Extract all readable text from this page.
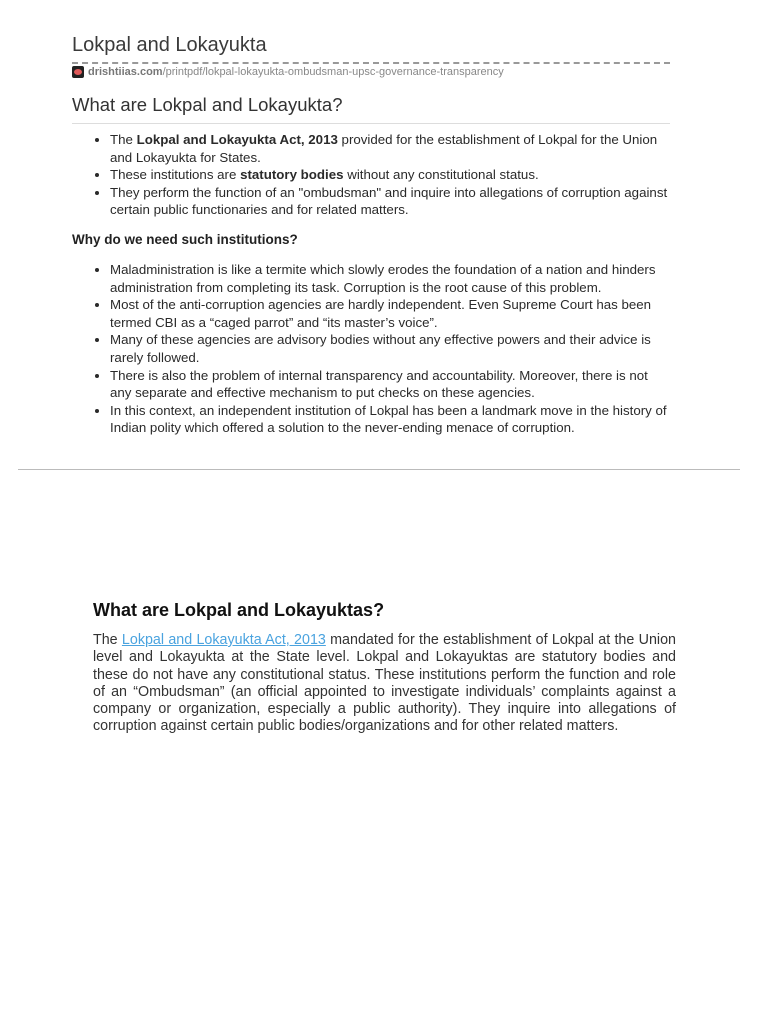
Lokpal and Lokayukta
drishtiias.com/printpdf/lokpal-lokayukta-ombudsman-upsc-governance-transparency
What are Lokpal and Lokayukta?
• The Lokpal and Lokayukta Act, 2013 provided for the establishment of Lokpal for the Union and Lokayukta for States.
• These institutions are statutory bodies without any constitutional status.
• They perform the function of an "ombudsman" and inquire into allegations of corruption against certain public functionaries and for related matters.
Why do we need such institutions?
• Maladministration is like a termite which slowly erodes the foundation of a nation and hinders administration from completing its task. Corruption is the root cause of this problem.
• Most of the anti-corruption agencies are hardly independent. Even Supreme Court has been termed CBI as a “caged parrot” and “its master’s voice”.
• Many of these agencies are advisory bodies without any effective powers and their advice is rarely followed.
• There is also the problem of internal transparency and accountability. Moreover, there is not any separate and effective mechanism to put checks on these agencies.
• In this context, an independent institution of Lokpal has been a landmark move in the history of Indian polity which offered a solution to the never-ending menace of corruption.
What are Lokpal and Lokayuktas?
The Lokpal and Lokayukta Act, 2013 mandated for the establishment of Lokpal at the Union level and Lokayukta at the State level. Lokpal and Lokayuktas are statutory bodies and these do not have any constitutional status. These institutions perform the function and role of an “Ombudsman” (an official appointed to investigate individuals’ complaints against a company or organization, especially a public authority). They inquire into allegations of corruption against certain public bodies/organizations and for other related matters.
